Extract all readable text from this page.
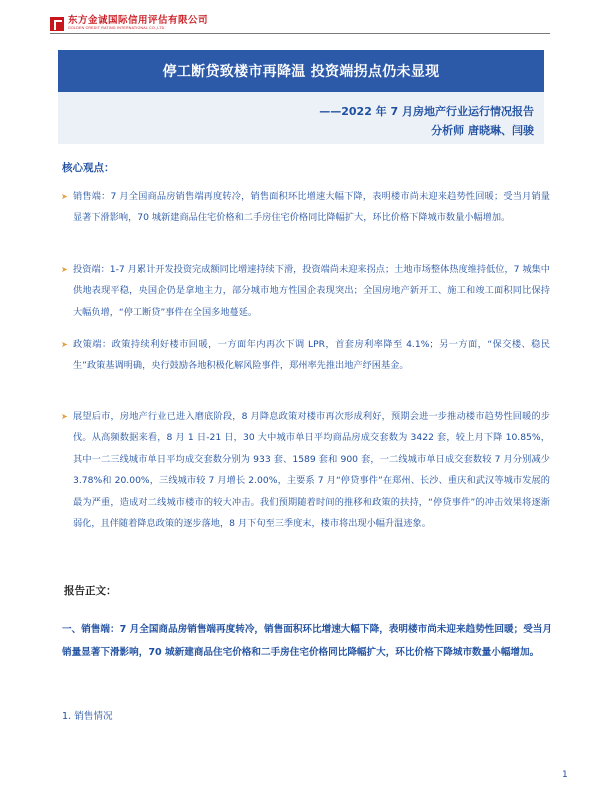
东方金诚国际信用评估有限公司
GOLDEN CREDIT RATING INTERNATIONAL CO.,LTD.
停工断贷致楼市再降温 投资端拐点仍未显现
——2022 年 7 月房地产行业运行情况报告
分析师 唐晓琳、闫骏
核心观点：
➤ 销售端：7 月全国商品房销售端再度转冷，销售面积环比增速大幅下降，表明楼市尚未迎来趋势性回暖；受当月销量显著下滑影响，70 城新建商品住宅价格和二手房住宅价格同比降幅扩大，环比价格下降城市数量小幅增加。
➤ 投资端：1-7 月累计开发投资完成额同比增速持续下滑，投资端尚未迎来拐点；土地市场整体热度维持低位，7 城集中供地表现平稳，央国企仍是拿地主力，部分城市地方性国企表现突出；全国房地产新开工、施工和竣工面积同比保持大幅负增，“停工断贷”事件在全国多地蔓延。
➤ 政策端：政策持续利好楼市回暖，一方面年内再次下调 LPR，首套房利率降至 4.1%；另一方面，“保交楼、稳民生”政策基调明确，央行鼓励各地积极化解风险事件，郑州率先推出地产纾困基金。
➤ 展望后市，房地产行业已进入磨底阶段，8 月降息政策对楼市再次形成利好，预期会进一步推动楼市趋势性回暖的步伐。从高频数据来看，8 月 1 日-21 日，30 大中城市单日平均商品房成交套数为 3422 套，较上月下降 10.85%，其中一二三线城市单日平均成交套数分别为 933 套、1589 套和 900 套，一二线城市单日成交套数较 7 月分别减少 3.78%和 20.00%，三线城市较 7 月增长 2.00%，主要系 7 月“停贷事件”在郑州、长沙、重庆和武汉等城市发展的最为严重，造成对二线城市楼市的较大冲击。我们预期随着时间的推移和政策的扶持，“停贷事件”的冲击效果将逐渐弱化，且伴随着降息政策的逐步落地，8 月下旬至三季度末，楼市将出现小幅升温迹象。
报告正文：
一、销售端：7 月全国商品房销售端再度转冷，销售面积环比增速大幅下降，表明楼市尚未迎来趋势性回暖；受当月销量显著下滑影响，70 城新建商品住宅价格和二手房住宅价格同比降幅扩大，环比价格下降城市数量小幅增加。
1. 销售情况
1
